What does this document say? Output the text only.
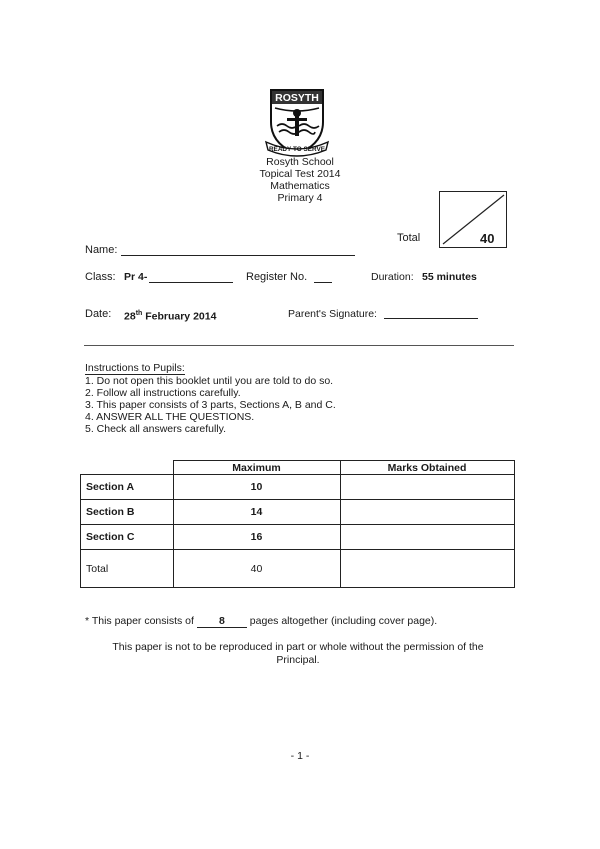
ROSYTH
READY TO SERVE
Rosyth School
Topical Test 2014
Mathematics
Primary 4
Total	40
Name:
Class: Pr 4-	Register No.	Duration: 55 minutes
Date: 28th February 2014	Parent's Signature:
Instructions to Pupils:
1. Do not open this booklet until you are told to do so.
2. Follow all instructions carefully.
3. This paper consists of 3 parts, Sections A, B and C.
4. ANSWER ALL THE QUESTIONS.
5. Check all answers carefully.
	Maximum	Marks Obtained
Section A	10	
Section B	14	
Section C	16	
Total	40	
* This paper consists of 8 pages altogether (including cover page).
This paper is not to be reproduced in part or whole without the permission of the Principal.
- 1 -
